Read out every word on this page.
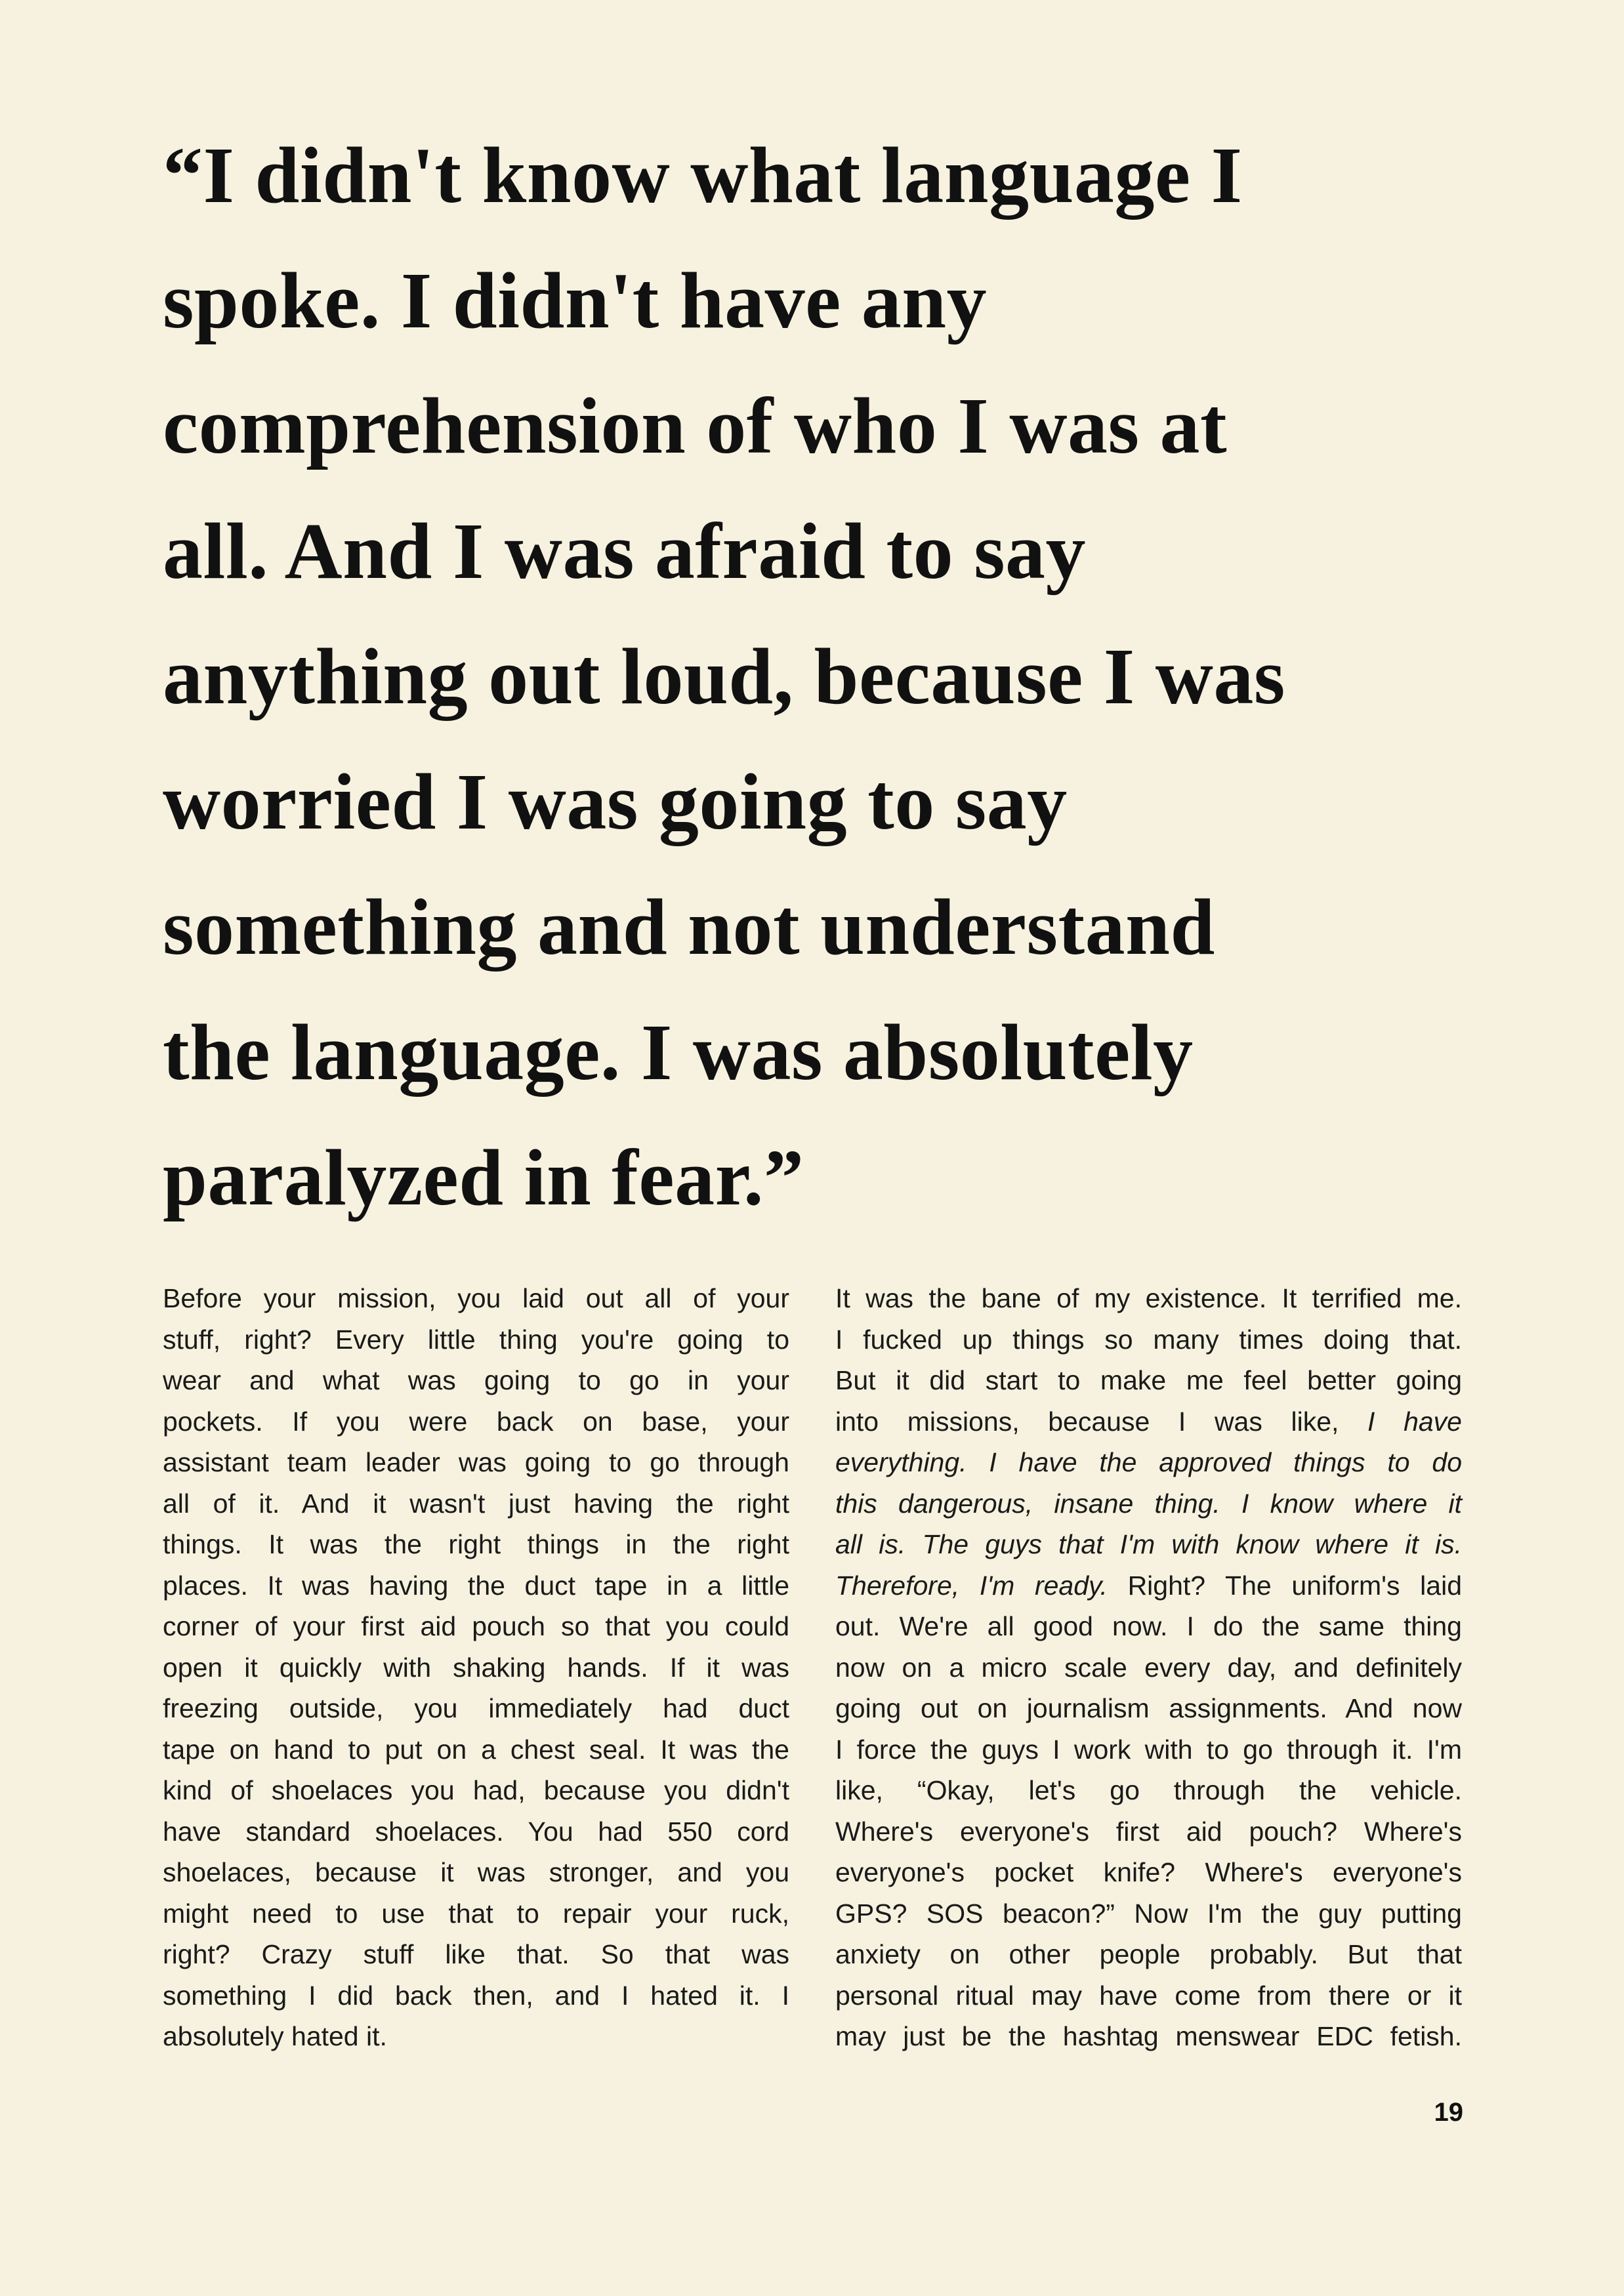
“I didn't know what language I
spoke. I didn't have any
comprehension of who I was at
all. And I was afraid to say
anything out loud, because I was
worried I was going to say
something and not understand
the language. I was absolutely
paralyzed in fear.”
Before your mission, you laid out all of your
stuff, right? Every little thing you're going to
wear and what was going to go in your
pockets. If you were back on base, your
assistant team leader was going to go through
all of it. And it wasn't just having the right
things. It was the right things in the right
places. It was having the duct tape in a little
corner of your first aid pouch so that you could
open it quickly with shaking hands. If it was
freezing outside, you immediately had duct
tape on hand to put on a chest seal. It was the
kind of shoelaces you had, because you didn't
have standard shoelaces. You had 550 cord
shoelaces, because it was stronger, and you
might need to use that to repair your ruck,
right? Crazy stuff like that. So that was
something I did back then, and I hated it. I
absolutely hated it.
It was the bane of my existence. It terrified me.
I fucked up things so many times doing that.
But it did start to make me feel better going
into missions, because I was like, I have
everything. I have the approved things to do
this dangerous, insane thing. I know where it
all is. The guys that I'm with know where it is.
Therefore, I'm ready. Right? The uniform's laid
out. We're all good now. I do the same thing
now on a micro scale every day, and definitely
going out on journalism assignments. And now
I force the guys I work with to go through it. I'm
like, “Okay, let's go through the vehicle.
Where's everyone's first aid pouch? Where's
everyone's pocket knife? Where's everyone's
GPS? SOS beacon?” Now I'm the guy putting
anxiety on other people probably. But that
personal ritual may have come from there or it
may just be the hashtag menswear EDC fetish.
19
